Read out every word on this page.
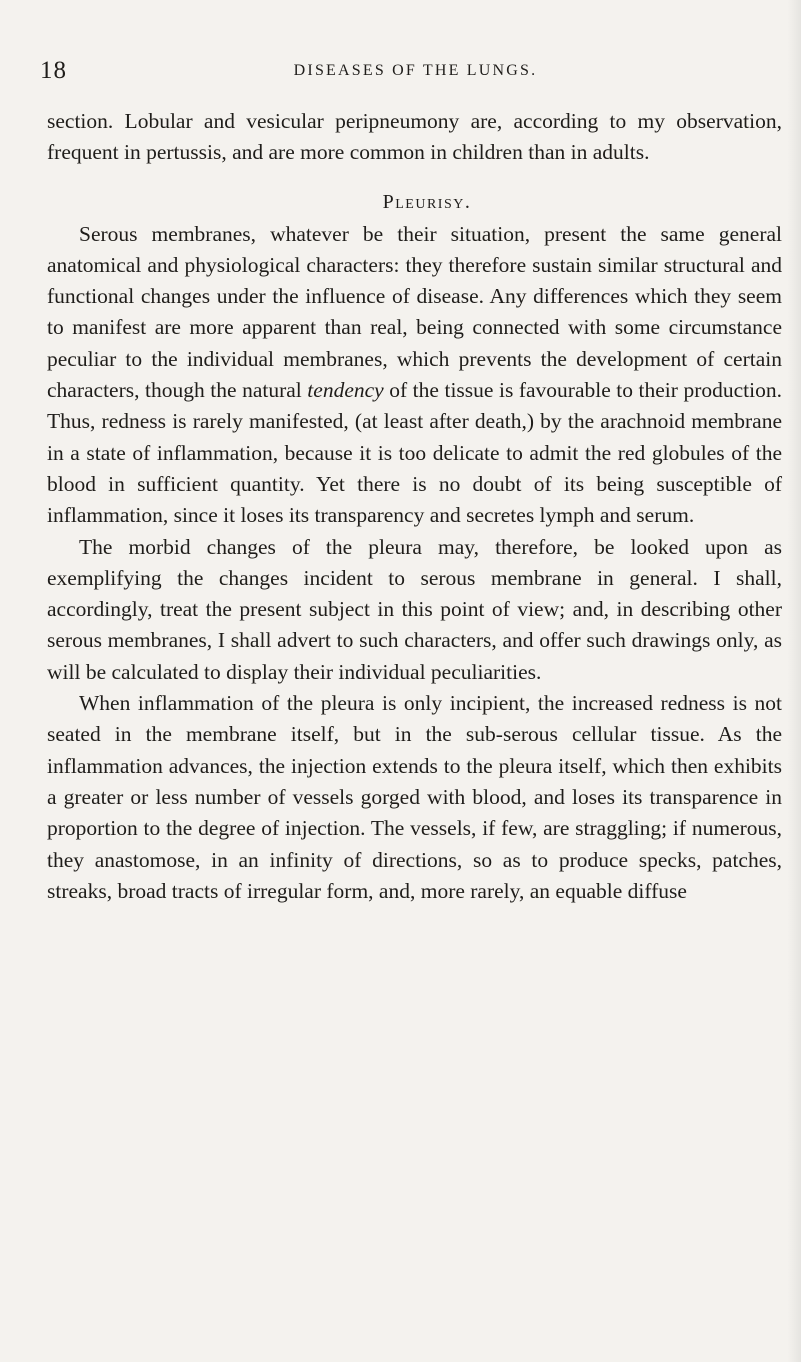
18	DISEASES OF THE LUNGS.

section. Lobular and vesicular peripneumony are, according to my observation, frequent in pertussis, and are more common in children than in adults.

Pleurisy.

Serous membranes, whatever be their situation, present the same general anatomical and physiological characters: they therefore sustain similar structural and functional changes under the influence of disease. Any differences which they seem to manifest are more apparent than real, being connected with some circumstance peculiar to the individual membranes, which prevents the development of certain characters, though the natural tendency of the tissue is favourable to their production. Thus, redness is rarely manifested, (at least after death,) by the arachnoid membrane in a state of inflammation, because it is too delicate to admit the red globules of the blood in sufficient quantity. Yet there is no doubt of its being susceptible of inflammation, since it loses its transparency and secretes lymph and serum.

The morbid changes of the pleura may, therefore, be looked upon as exemplifying the changes incident to serous membrane in general. I shall, accordingly, treat the present subject in this point of view; and, in describing other serous membranes, I shall advert to such characters, and offer such drawings only, as will be calculated to display their individual peculiarities.

When inflammation of the pleura is only incipient, the increased redness is not seated in the membrane itself, but in the sub-serous cellular tissue. As the inflammation advances, the injection extends to the pleura itself, which then exhibits a greater or less number of vessels gorged with blood, and loses its transparence in proportion to the degree of injection. The vessels, if few, are straggling; if numerous, they anastomose, in an infinity of directions, so as to produce specks, patches, streaks, broad tracts of irregular form, and, more rarely, an equable diffuse
